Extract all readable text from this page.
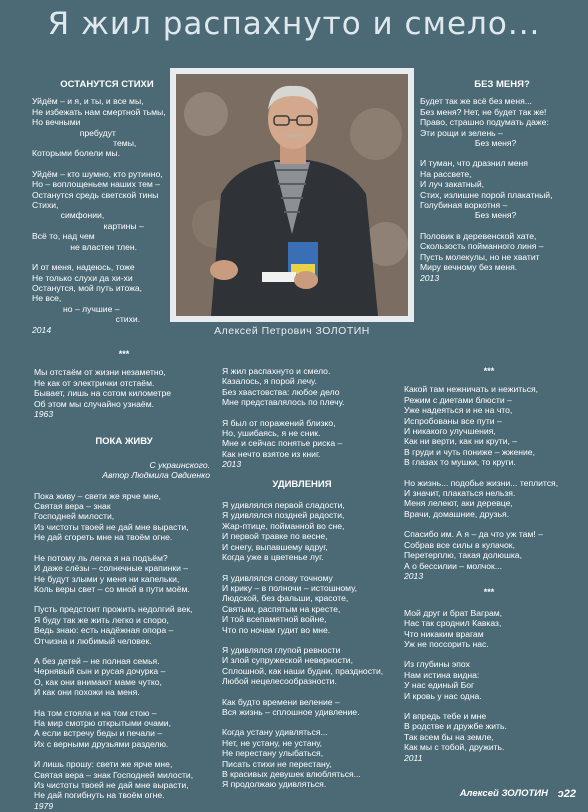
Я жил распахнуто и смело...
ОСТАНУТСЯ СТИХИ

Уйдём – и я, и ты, и все мы,

Не избежать нам смертной тьмы,

Но вечными

пребудут

темы,

Которыми болели мы.

Уйдём – кто шумно, кто рутинно,

Но – воплощеньем наших тем –

Останутся средь светской тины

Стихи,

симфонии,

картины –

Всё то, над чем

не властен тлен.

И от меня, надеюсь, тоже

Не только слухи да хи-хи

Останутся, мой путь итожа,

Не все,

но – лучшие –

стихи.

2014	Алексей Петрович ЗОЛОТИН
БЕЗ МЕНЯ?

Будет так же всё без меня...

Без меня? Нет, не будет так же!

Право, страшно подумать даже:

Эти рощи и зелень –

Без меня?

И туман, что дразнил меня

На рассвете,

И луч закатный,

Стих, излишне порой плакатный,

Голубиная воркотня –

Без меня?

Половик в деревенской хате,

Скользость пойманного линя –

Пусть молекулы, но не хватит

Миру вечному без меня.

2013

***

Мы отстаём от жизни незаметно,

Не как от электрички отстаём.

Бывает, лишь на сотом километре

Об этом мы случайно узнаём.

1963

ПОКА ЖИВУ

С украинского.

Автор Людмила Овдиенко

Пока живу – свети же ярче мне,

Святая вера – знак

Господней милости,

Из чистоты твоей не дай мне вырасти,

Не дай сгореть мне на твоём огне.

Не потому ль легка я на подъём?

И даже слёзы – солнечные крапинки –

Не будут злыми у меня ни капельки,

Коль веры свет – со мной в пути моём.

Пусть предстоит прожить недолгий век,

Я буду так же жить легко и споро,

Ведь знаю: есть надёжная опора –

Отчизна и любимый человек.

А без детей – не полная семья.

Чернявый сын и русая дочурка –

О, как они внимают маме чутко,

И как они похожи на меня.

На том стояла и на том стою –

На мир смотрю открытыми очами,

А если встречу беды и печали –

Их с верными друзьями разделю.

И лишь прошу: свети же ярче мне,

Святая вера – знак Господней милости,

Из чистоты твоей не дай мне вырасти,

Не дай погибнуть на твоём огне.

1979

Я жил распахнуто и смело.

Казалось, я порой лечу.

Без хвастовства: любое дело

Мне представлялось по плечу.

Я был от поражений близко,

Но, ушибаясь, я не сник.

Мне и сейчас понятье риска –

Как нечто взятое из книг.

2013

УДИВЛЕНИЯ

Я удивлялся первой сладости,

Я удивлялся поздней радости,

Жар-птице, пойманной во сне,

И первой травке по весне,

И снегу, выпавшему вдруг,

Когда уже в цветенье луг.

Я удивлялся слову точному

И крику – в полночи – истошному,

Людской, без фальши, красоте,

Святым, распятым на кресте,

И той всепамятной войне,

Что по ночам гудит во мне.

Я удивлялся глупой ревности

И злой супружеской неверности,

Сплошной, как наши будни, праздности,

Любой нецелесообразности.

Как будто времени веление –

Вся жизнь – сплошное удивление.

Когда устану удивляться...

Нет, не устану, не устану,

Не перестану улыбаться,

Писать стихи не перестану,

В красивых девушек влюбляться...

Я продолжаю удивляться.

***

Какой там нежничать и нежиться,

Режим с диетами блюсти –

Уже надеяться и не на что,

Испробованы все пути –

И никакого улучшения,

Как ни верти, как ни крути, –

В груди и чуть пониже – жжение,

В глазах то мушки, то круги.

Но жизнь... подобье жизни... теплится,

И значит, плакаться нельзя.

Меня лелеют, аки деревце,

Врачи, домашние, друзья.

Спасибо им. А я – да что уж там! –

Собрав все силы в кулачок,

Перетерплю, такая долюшка,

А о бессилии – молчок...

2013

***

Мой друг и брат Ваграм,

Нас так сроднил Кавказ,

Что никаким врагам

Уж не поссорить нас.

Из глубины эпох

Нам истина видна:

У нас единый Бог

И кровь у нас одна.

И впредь тебе и мне

В родстве и дружбе жить.

Так всем бы на земле,

Как мы с тобой, дружить.

2011

Алексей ЗОЛОТИН ᴐ22
